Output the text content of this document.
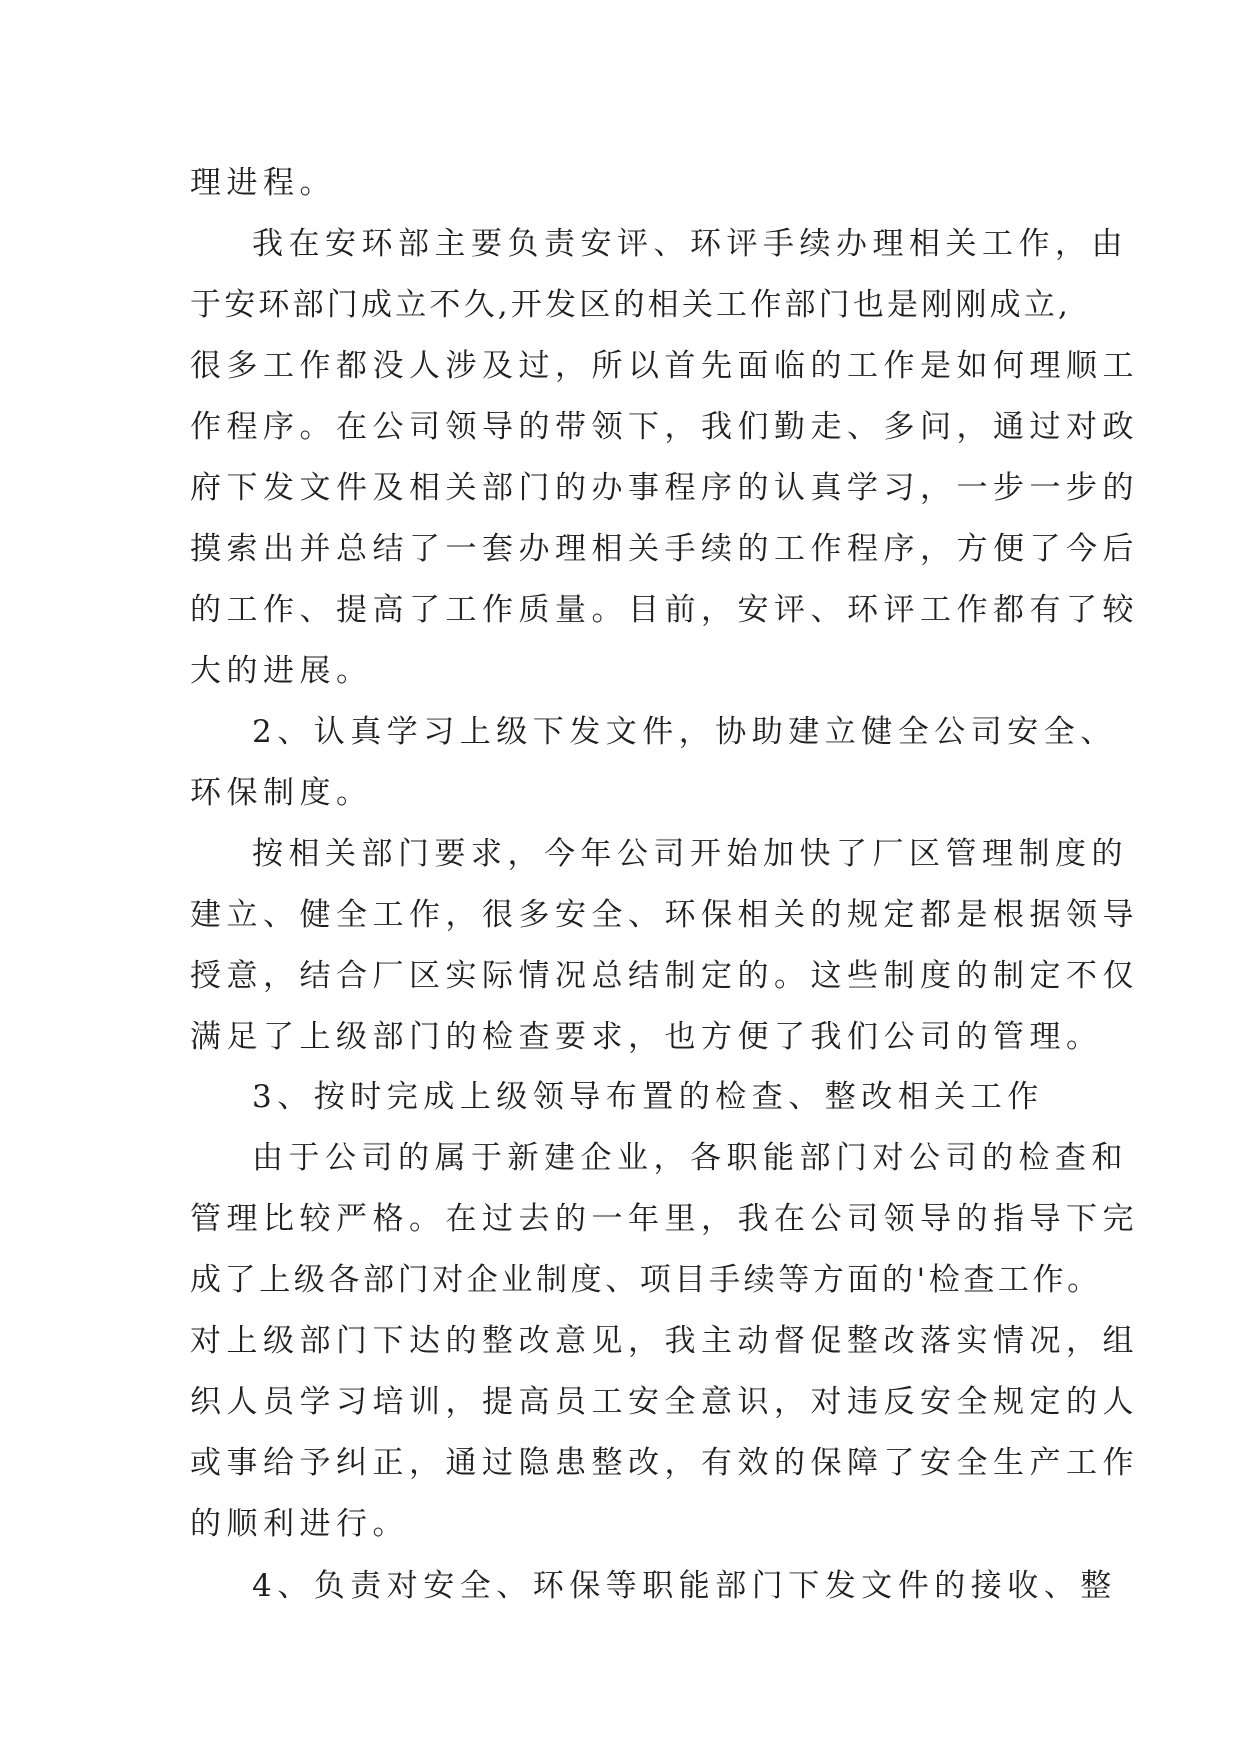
理进程。
我在安环部主要负责安评、环评手续办理相关工作，由
于安环部门成立不久,开发区的相关工作部门也是刚刚成立,
很多工作都没人涉及过，所以首先面临的工作是如何理顺工
作程序。在公司领导的带领下，我们勤走、多问，通过对政
府下发文件及相关部门的办事程序的认真学习，一步一步的
摸索出并总结了一套办理相关手续的工作程序，方便了今后
的工作、提高了工作质量。目前，安评、环评工作都有了较
大的进展。
2、认真学习上级下发文件，协助建立健全公司安全、
环保制度。
按相关部门要求，今年公司开始加快了厂区管理制度的
建立、健全工作，很多安全、环保相关的规定都是根据领导
授意，结合厂区实际情况总结制定的。这些制度的制定不仅
满足了上级部门的检查要求，也方便了我们公司的管理。
3、按时完成上级领导布置的检查、整改相关工作
由于公司的属于新建企业，各职能部门对公司的检查和
管理比较严格。在过去的一年里，我在公司领导的指导下完
成了上级各部门对企业制度、项目手续等方面的'检查工作。
对上级部门下达的整改意见，我主动督促整改落实情况，组
织人员学习培训，提高员工安全意识，对违反安全规定的人
或事给予纠正，通过隐患整改，有效的保障了安全生产工作
的顺利进行。
4、负责对安全、环保等职能部门下发文件的接收、整
